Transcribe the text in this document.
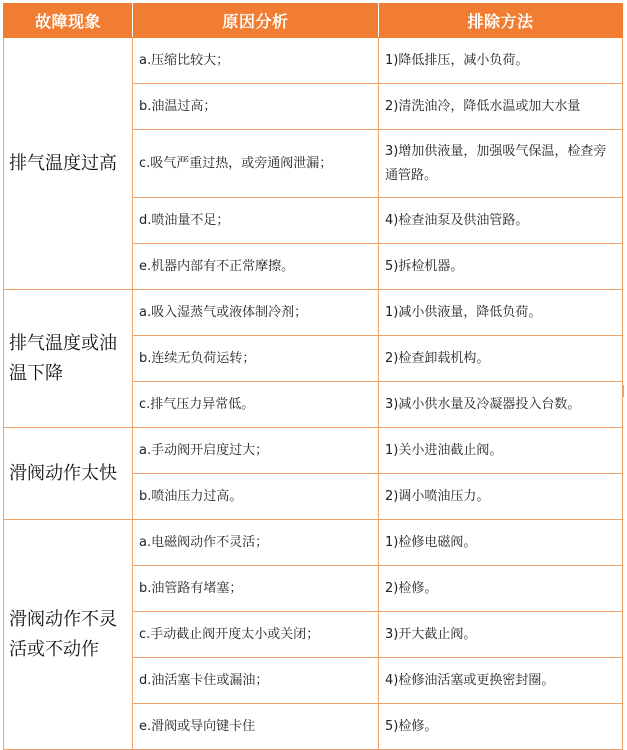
故障现象	原因分析	排除方法
排气温度过高	a.压缩比较大；	1)降低排压，减小负荷。
	b.油温过高；	2)清洗油冷，降低水温或加大水量
	c.吸气严重过热，或旁通阀泄漏；	3)增加供液量，加强吸气保温，检查旁通管路。
	d.喷油量不足；	4)检查油泵及供油管路。
	e.机器内部有不正常摩擦。	5)拆检机器。
排气温度或油温下降	a.吸入湿蒸气或液体制冷剂；	1)减小供液量，降低负荷。
	b.连续无负荷运转；	2)检查卸载机构。
	c.排气压力异常低。	3)减小供水量及冷凝器投入台数。
滑阀动作太快	a.手动阀开启度过大；	1)关小进油截止阀。
	b.喷油压力过高。	2)调小喷油压力。
滑阀动作不灵活或不动作	a.电磁阀动作不灵活；	1)检修电磁阀。
	b.油管路有堵塞；	2)检修。
	c.手动截止阀开度太小或关闭；	3)开大截止阀。
	d.油活塞卡住或漏油；	4)检修油活塞或更换密封圈。
	e.滑阀或导向键卡住	5)检修。
